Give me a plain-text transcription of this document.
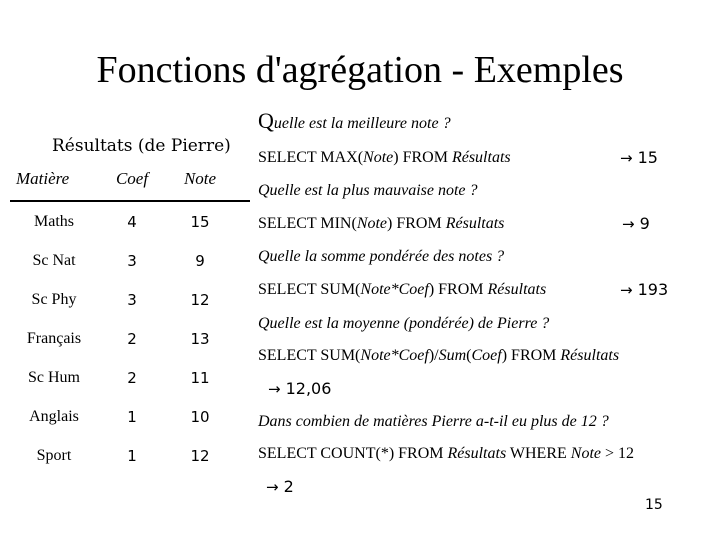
Fonctions d'agrégation - Exemples
Résultats (de Pierre)
Matière	Coef	Note
Maths	4	15
Sc Nat	3	9
Sc Phy	3	12
Français	2	13
Sc Hum	2	11
Anglais	1	10
Sport	1	12
Quelle est la meilleure note ?
SELECT MAX(Note) FROM Résultats	→ 15
Quelle est la plus mauvaise note ?
SELECT MIN(Note) FROM Résultats	→ 9
Quelle la somme pondérée des notes ?
SELECT SUM(Note*Coef) FROM Résultats	→ 193
Quelle est la moyenne (pondérée) de Pierre ?
SELECT SUM(Note*Coef)/Sum(Coef) FROM Résultats
→ 12,06
Dans combien de matières Pierre a-t-il eu plus de 12 ?
SELECT COUNT(*) FROM Résultats WHERE Note > 12
→ 2
15
